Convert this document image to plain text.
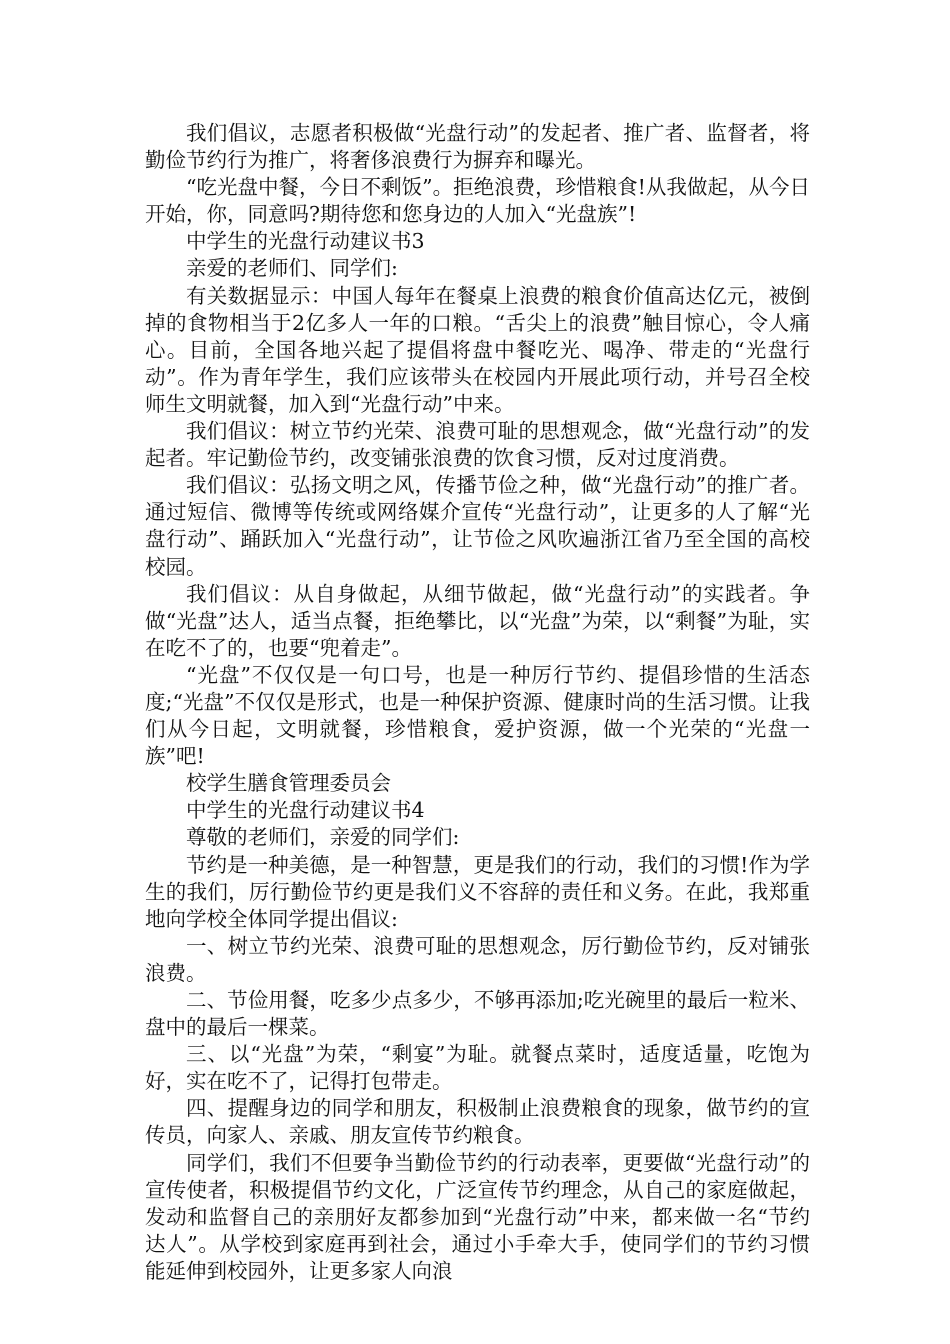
我们倡议，志愿者积极做“光盘行动”的发起者、推广者、监督者，将勤俭节约行为推广，将奢侈浪费行为摒弃和曝光。

“吃光盘中餐，今日不剩饭”。拒绝浪费，珍惜粮食!从我做起，从今日开始，你，同意吗?期待您和您身边的人加入“光盘族”!

中学生的光盘行动建议书3

亲爱的老师们、同学们:

有关数据显示：中国人每年在餐桌上浪费的粮食价值高达亿元，被倒掉的食物相当于2亿多人一年的口粮。“舌尖上的浪费”触目惊心，令人痛心。目前，全国各地兴起了提倡将盘中餐吃光、喝净、带走的“光盘行动”。作为青年学生，我们应该带头在校园内开展此项行动，并号召全校师生文明就餐，加入到“光盘行动”中来。

我们倡议：树立节约光荣、浪费可耻的思想观念，做“光盘行动”的发起者。牢记勤俭节约，改变铺张浪费的饮食习惯，反对过度消费。

我们倡议：弘扬文明之风，传播节俭之种，做“光盘行动”的推广者。通过短信、微博等传统或网络媒介宣传“光盘行动”，让更多的人了解“光盘行动”、踊跃加入“光盘行动”，让节俭之风吹遍浙江省乃至全国的高校校园。

我们倡议：从自身做起，从细节做起，做“光盘行动”的实践者。争做“光盘”达人，适当点餐，拒绝攀比，以“光盘”为荣，以“剩餐”为耻，实在吃不了的，也要“兜着走”。

“光盘”不仅仅是一句口号，也是一种厉行节约、提倡珍惜的生活态度;“光盘”不仅仅是形式，也是一种保护资源、健康时尚的生活习惯。让我们从今日起，文明就餐，珍惜粮食，爱护资源，做一个光荣的“光盘一族”吧!

校学生膳食管理委员会

中学生的光盘行动建议书4

尊敬的老师们，亲爱的同学们:

节约是一种美德，是一种智慧，更是我们的行动，我们的习惯!作为学生的我们，厉行勤俭节约更是我们义不容辞的责任和义务。在此，我郑重地向学校全体同学提出倡议:

一、树立节约光荣、浪费可耻的思想观念，厉行勤俭节约，反对铺张浪费。

二、节俭用餐，吃多少点多少，不够再添加;吃光碗里的最后一粒米、盘中的最后一棵菜。

三、以“光盘”为荣，“剩宴”为耻。就餐点菜时，适度适量，吃饱为好，实在吃不了，记得打包带走。

四、提醒身边的同学和朋友，积极制止浪费粮食的现象，做节约的宣传员，向家人、亲戚、朋友宣传节约粮食。

同学们，我们不但要争当勤俭节约的行动表率，更要做“光盘行动”的宣传使者，积极提倡节约文化，广泛宣传节约理念，从自己的家庭做起，发动和监督自己的亲朋好友都参加到“光盘行动”中来，都来做一名“节约达人”。从学校到家庭再到社会，通过小手牵大手，使同学们的节约习惯能延伸到校园外，让更多家人向浪
